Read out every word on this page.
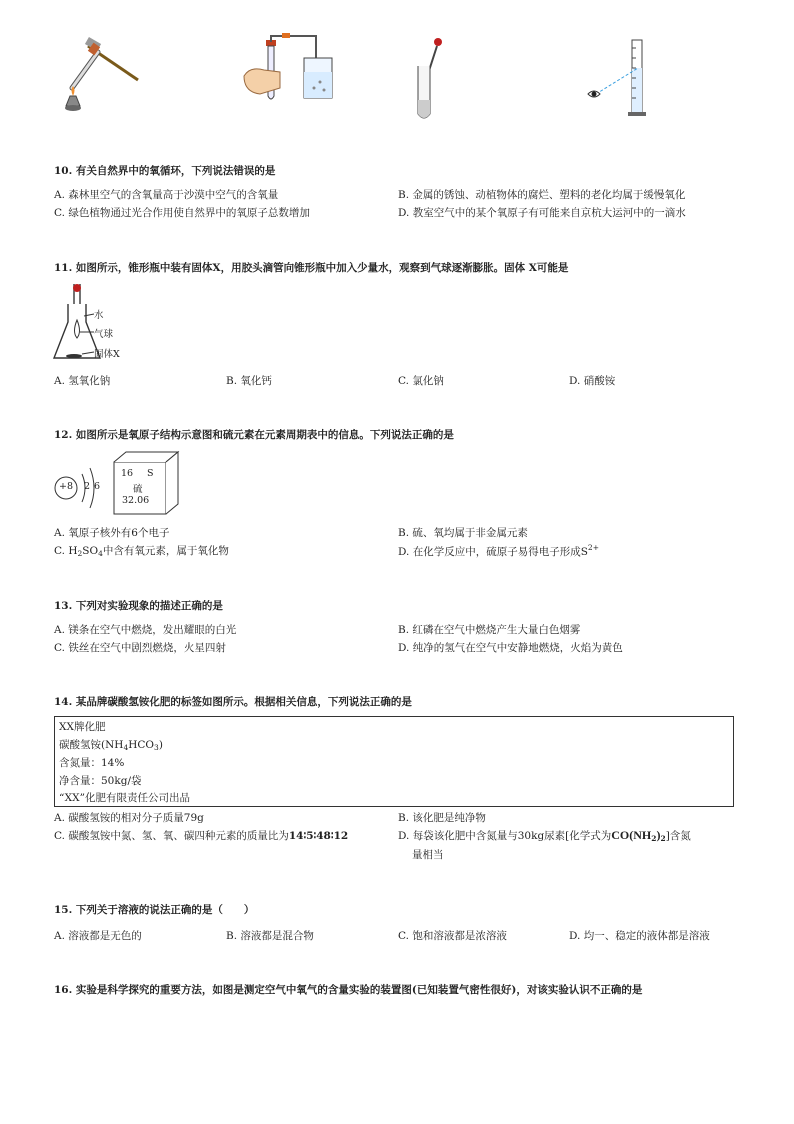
10. 有关自然界中的氧循环，下列说法错误的是
A. 森林里空气的含氧量高于沙漠中空气的含氧量	B. 金属的锈蚀、动植物体的腐烂、塑料的老化均属于缓慢氧化
C. 绿色植物通过光合作用使自然界中的氧原子总数增加	D. 教室空气中的某个氧原子有可能来自京杭大运河中的一滴水
11. 如图所示，锥形瓶中装有固体X，用胶头滴管向锥形瓶中加入少量水，观察到气球逐渐膨胀。固体 X可能是
水
气球
固体X
A. 氢氧化钠	B. 氧化钙	C. 氯化钠	D. 硝酸铵
12. 如图所示是氧原子结构示意图和硫元素在元素周期表中的信息。下列说法正确的是
+8 2 6
16 S
硫
32.06
A. 氧原子核外有6个电子	B. 硫、氧均属于非金属元素
C. $H_2SO_4$中含有氧元素，属于氧化物	D. 在化学反应中，硫原子易得电子形成$S^{2+}$
13. 下列对实验现象的描述正确的是
A. 镁条在空气中燃烧，发出耀眼的白光	B. 红磷在空气中燃烧产生大量白色烟雾
C. 铁丝在空气中剧烈燃烧，火星四射	D. 纯净的氢气在空气中安静地燃烧，火焰为黄色
14. 某品牌碳酸氢铵化肥的标签如图所示。根据相关信息，下列说法正确的是
XX牌化肥
碳酸氢铵$(NH_4HCO_3)$
含氮量：14%
净含量：50kg/袋
“XX”化肥有限责任公司出品
A. 碳酸氢铵的相对分子质量79g	B. 该化肥是纯净物
C. 碳酸氢铵中氮、氢、氧、碳四种元素的质量比为14∶5∶48∶12	D. 每袋该化肥中含氮量与30kg尿素[化学式为$CO(NH_2)_2$]含氮
量相当
15. 下列关于溶液的说法正确的是（　　）
A. 溶液都是无色的	B. 溶液都是混合物	C. 饱和溶液都是浓溶液	D. 均一、稳定的液体都是溶液
16. 实验是科学探究的重要方法，如图是测定空气中氧气的含量实验的装置图(已知装置气密性很好)，对该实验认识不正确的是
